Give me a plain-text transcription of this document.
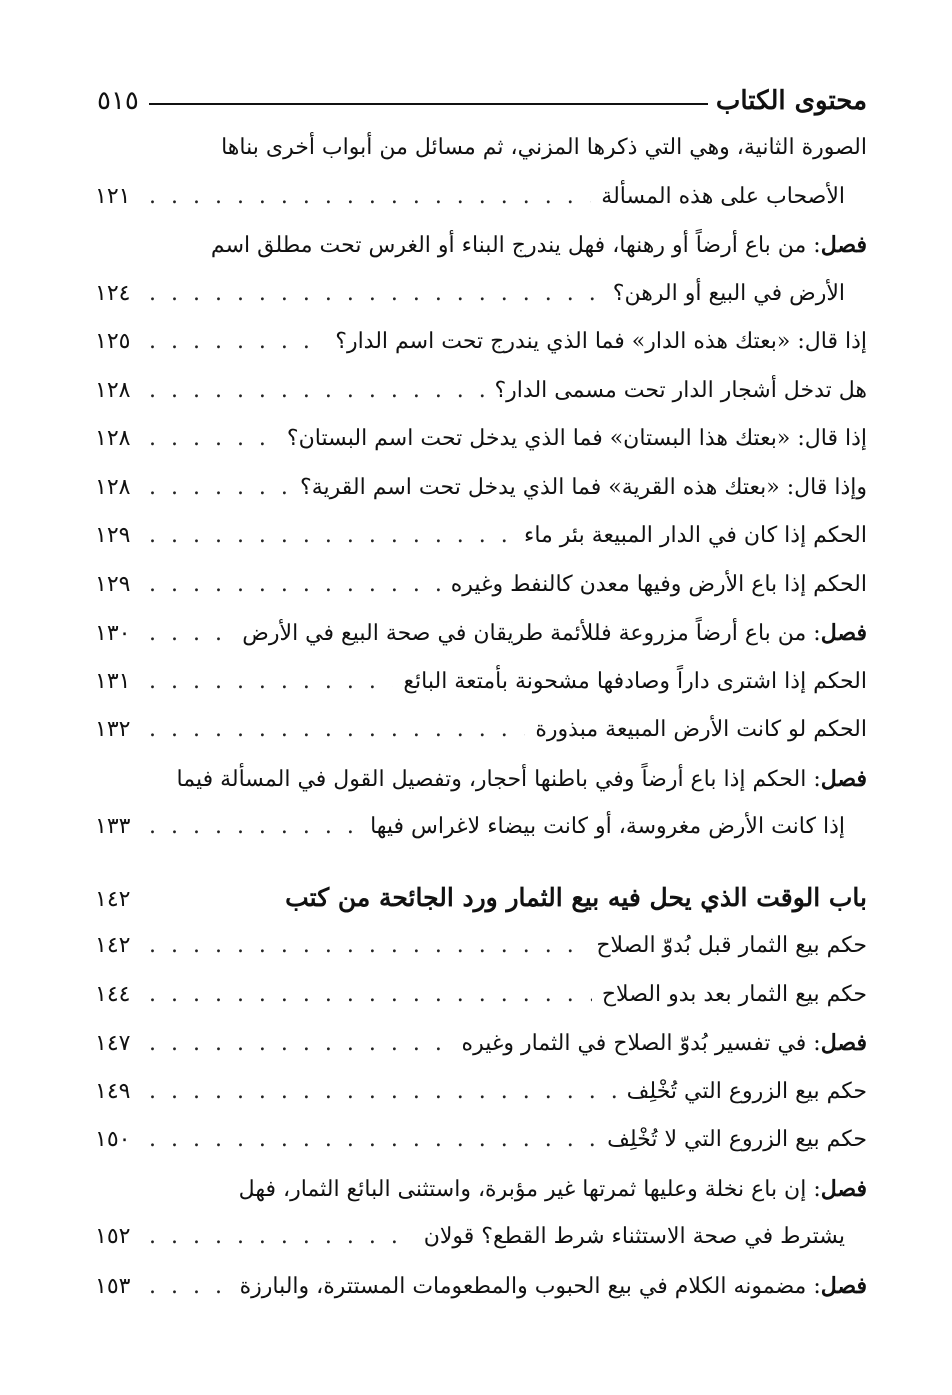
محتوى الكتاب
٥١٥
الصورة الثانية، وهي التي ذكرها المزني، ثم مسائل من أبواب أخرى بناها
الأصحاب على هذه المسألة
. . .
١٢١
فصل: من باع أرضاً أو رهنها، فهل يندرج البناء أو الغرس تحت مطلق اسم
الأرض في البيع أو الرهن؟
. . .
١٢٤
إذا قال: «بعتك هذه الدار» فما الذي يندرج تحت اسم الدار؟
. . .
١٢٥
هل تدخل أشجار الدار تحت مسمى الدار؟
. . .
١٢٨
إذا قال: «بعتك هذا البستان» فما الذي يدخل تحت اسم البستان؟
. . .
١٢٨
وإذا قال: «بعتك هذه القرية» فما الذي يدخل تحت اسم القرية؟
. . .
١٢٨
الحكم إذا كان في الدار المبيعة بئر ماء
. . .
١٢٩
الحكم إذا باع الأرض وفيها معدن كالنفط وغيره
. . .
١٢٩
فصل: من باع أرضاً مزروعة فللأئمة طريقان في صحة البيع في الأرض
. . .
١٣٠
الحكم إذا اشترى داراً وصادفها مشحونة بأمتعة البائع
. . .
١٣١
الحكم لو كانت الأرض المبيعة مبذورة
. . .
١٣٢
فصل: الحكم إذا باع أرضاً وفي باطنها أحجار، وتفصيل القول في المسألة فيما
إذا كانت الأرض مغروسة، أو كانت بيضاء لاغراس فيها
. . .
١٣٣
باب الوقت الذي يحل فيه بيع الثمار ورد الجائحة من كتب
١٤٢
حكم بيع الثمار قبل بُدوّ الصلاح
. . .
١٤٢
حكم بيع الثمار بعد بدو الصلاح
. . .
١٤٤
فصل: في تفسير بُدوّ الصلاح في الثمار وغيره
. . .
١٤٧
حكم بيع الزروع التي تُخْلِف
. . .
١٤٩
حكم بيع الزروع التي لا تُخْلِف
. . .
١٥٠
فصل: إن باع نخلة وعليها ثمرتها غير مؤبرة، واستثنى البائع الثمار، فهل
يشترط في صحة الاستثناء شرط القطع؟ قولان
. . .
١٥٢
فصل: مضمونه الكلام في بيع الحبوب والمطعومات المستترة، والبارزة
. . .
١٥٣
